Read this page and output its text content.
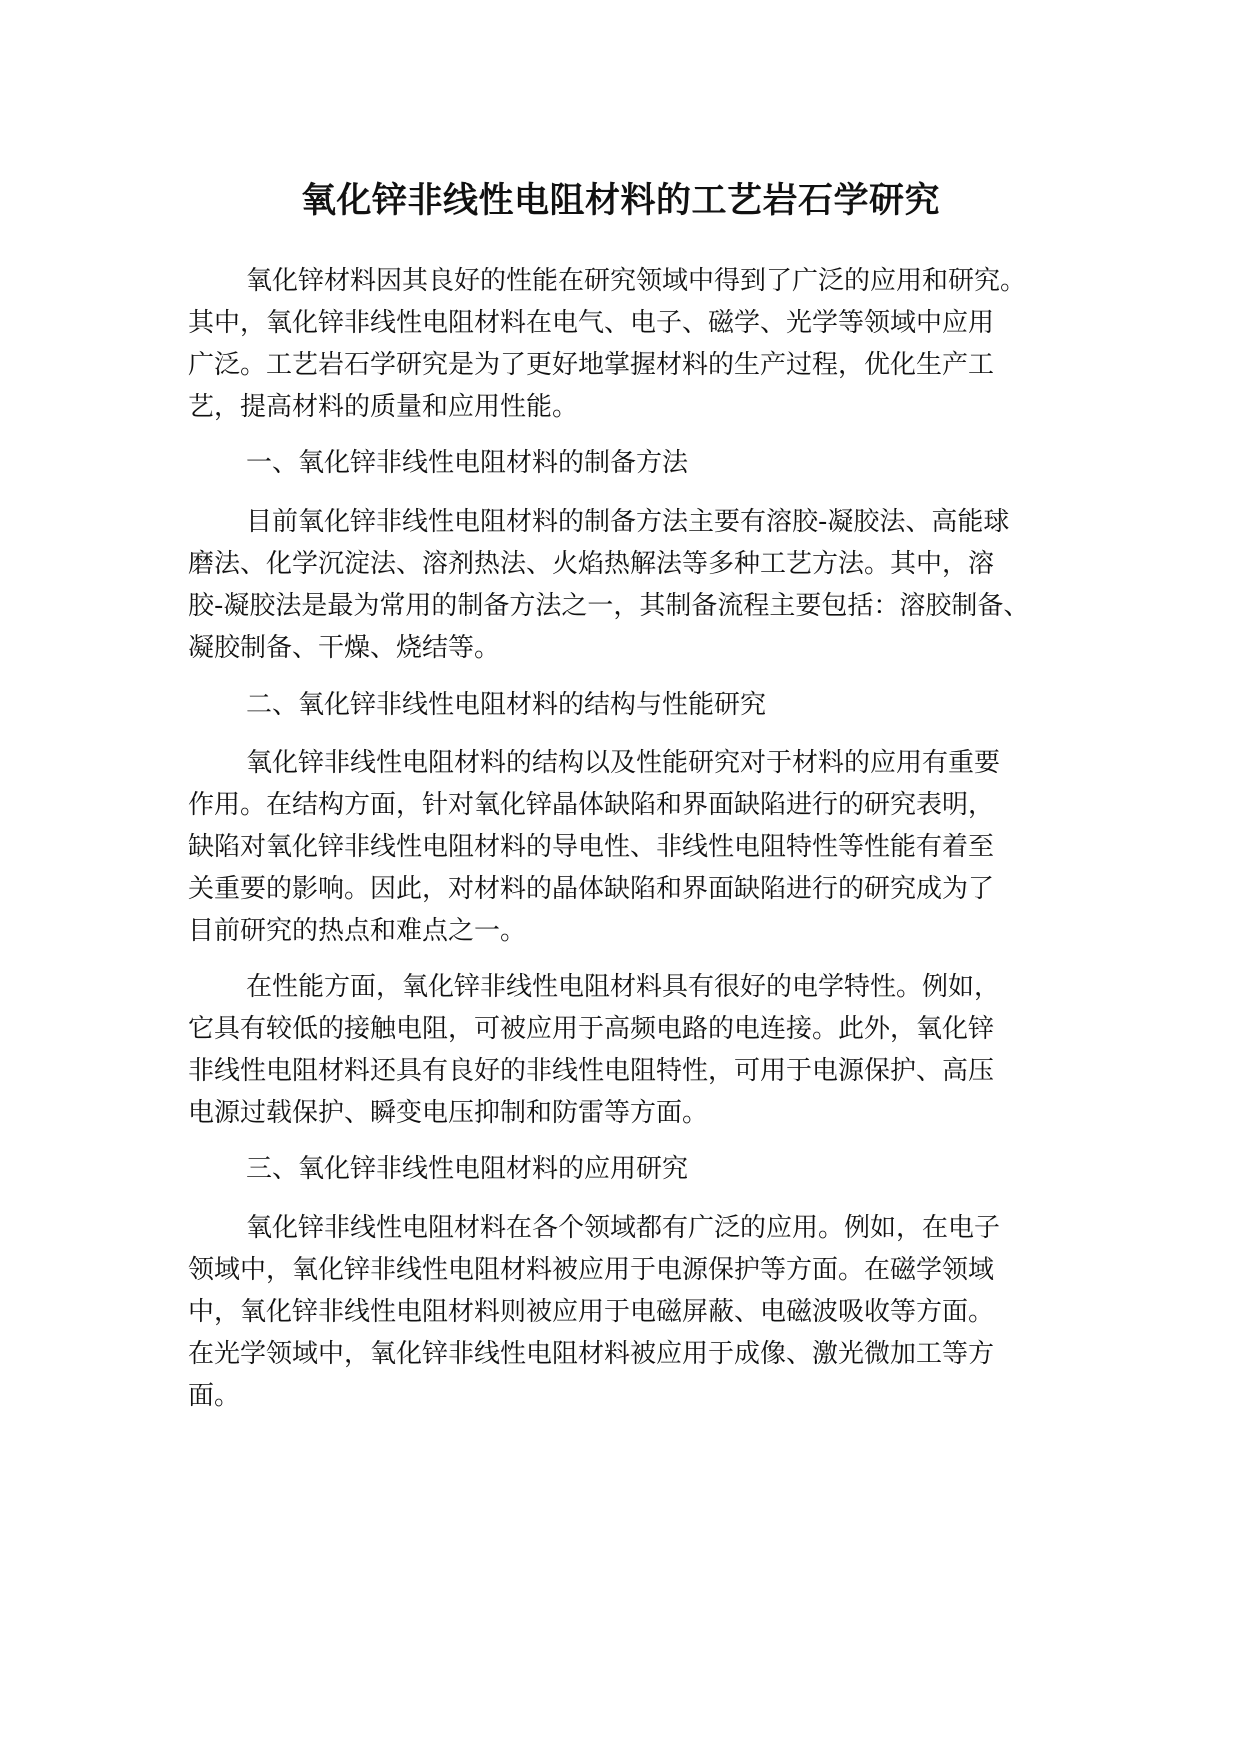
氧化锌非线性电阻材料的工艺岩石学研究

氧化锌材料因其良好的性能在研究领域中得到了广泛的应用和研究。

其中，氧化锌非线性电阻材料在电气、电子、磁学、光学等领域中应用

广泛。工艺岩石学研究是为了更好地掌握材料的生产过程，优化生产工

艺，提高材料的质量和应用性能。

一、氧化锌非线性电阻材料的制备方法

目前氧化锌非线性电阻材料的制备方法主要有溶胶-凝胶法、高能球

磨法、化学沉淀法、溶剂热法、火焰热解法等多种工艺方法。其中，溶

胶-凝胶法是最为常用的制备方法之一，其制备流程主要包括：溶胶制备、

凝胶制备、干燥、烧结等。

二、氧化锌非线性电阻材料的结构与性能研究

氧化锌非线性电阻材料的结构以及性能研究对于材料的应用有重要

作用。在结构方面，针对氧化锌晶体缺陷和界面缺陷进行的研究表明，

缺陷对氧化锌非线性电阻材料的导电性、非线性电阻特性等性能有着至

关重要的影响。因此，对材料的晶体缺陷和界面缺陷进行的研究成为了

目前研究的热点和难点之一。

在性能方面，氧化锌非线性电阻材料具有很好的电学特性。例如，

它具有较低的接触电阻，可被应用于高频电路的电连接。此外，氧化锌

非线性电阻材料还具有良好的非线性电阻特性，可用于电源保护、高压

电源过载保护、瞬变电压抑制和防雷等方面。

三、氧化锌非线性电阻材料的应用研究

氧化锌非线性电阻材料在各个领域都有广泛的应用。例如，在电子

领域中，氧化锌非线性电阻材料被应用于电源保护等方面。在磁学领域

中，氧化锌非线性电阻材料则被应用于电磁屏蔽、电磁波吸收等方面。

在光学领域中，氧化锌非线性电阻材料被应用于成像、激光微加工等方

面。
